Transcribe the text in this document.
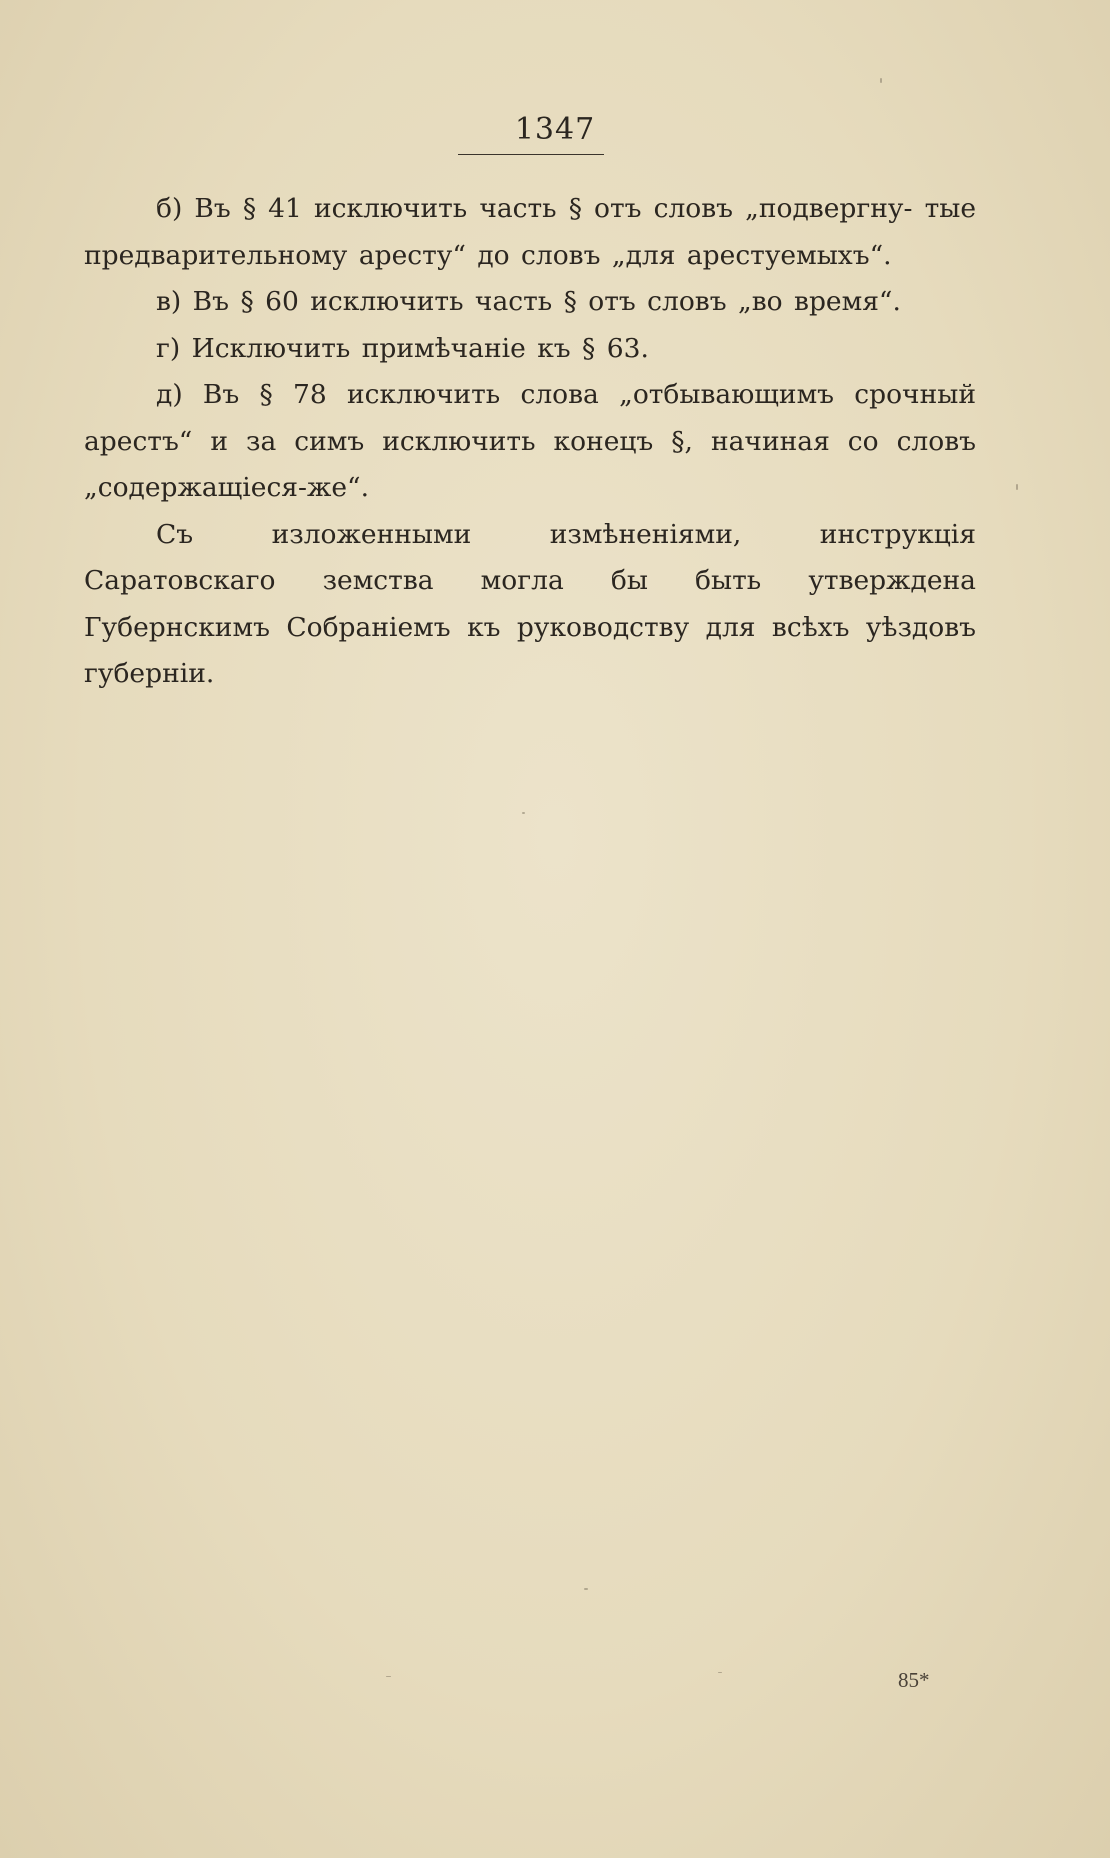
1347

б) Въ § 41 исключить часть § отъ словъ „подвергну- тые предварительному аресту“ до словъ „для арестуемыхъ“.

в) Въ § 60 исключить часть § отъ словъ „во время“.

г) Исключить примѣчаніе къ § 63.

д) Въ § 78 исключить слова „отбывающимъ срочный арестъ“ и за симъ исключить конецъ §, начиная со словъ „содержащіеся-же“.

Съ изложенными измѣненіями, инструкція Саратовскаго земства могла бы быть утверждена Губернскимъ Собраніемъ къ руководству для всѣхъ уѣздовъ губерніи.

85*
